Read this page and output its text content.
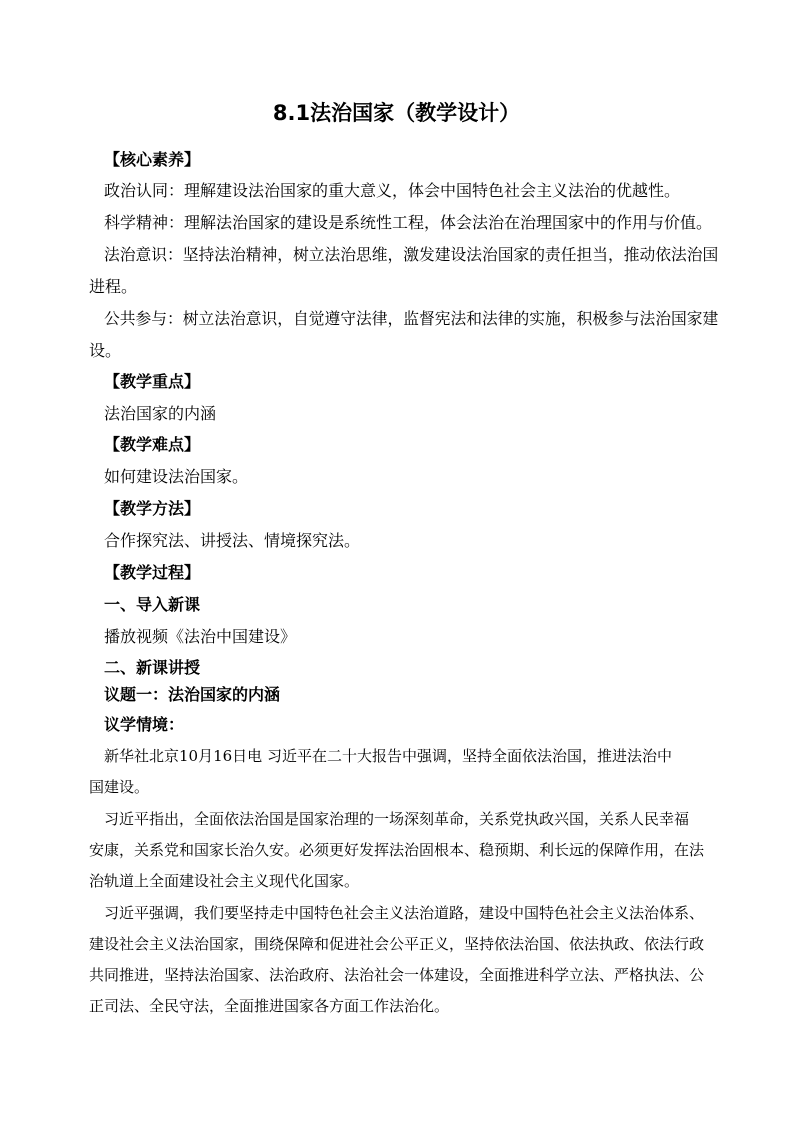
8.1法治国家（教学设计）
【核心素养】
政治认同：理解建设法治国家的重大意义，体会中国特色社会主义法治的优越性。
科学精神：理解法治国家的建设是系统性工程，体会法治在治理国家中的作用与价值。
法治意识：坚持法治精神，树立法治思维，激发建设法治国家的责任担当，推动依法治国
进程。
公共参与：树立法治意识，自觉遵守法律，监督宪法和法律的实施，积极参与法治国家建
设。
【教学重点】
法治国家的内涵
【教学难点】
如何建设法治国家。
【教学方法】
合作探究法、讲授法、情境探究法。
【教学过程】
一、导入新课
播放视频《法治中国建设》
二、新课讲授
议题一：法治国家的内涵
议学情境：
新华社北京10月16日电 习近平在二十大报告中强调，坚持全面依法治国，推进法治中
国建设。
习近平指出，全面依法治国是国家治理的一场深刻革命，关系党执政兴国，关系人民幸福
安康，关系党和国家长治久安。必须更好发挥法治固根本、稳预期、利长远的保障作用，在法
治轨道上全面建设社会主义现代化国家。
习近平强调，我们要坚持走中国特色社会主义法治道路，建设中国特色社会主义法治体系、
建设社会主义法治国家，围绕保障和促进社会公平正义，坚持依法治国、依法执政、依法行政
共同推进，坚持法治国家、法治政府、法治社会一体建设，全面推进科学立法、严格执法、公
正司法、全民守法，全面推进国家各方面工作法治化。
